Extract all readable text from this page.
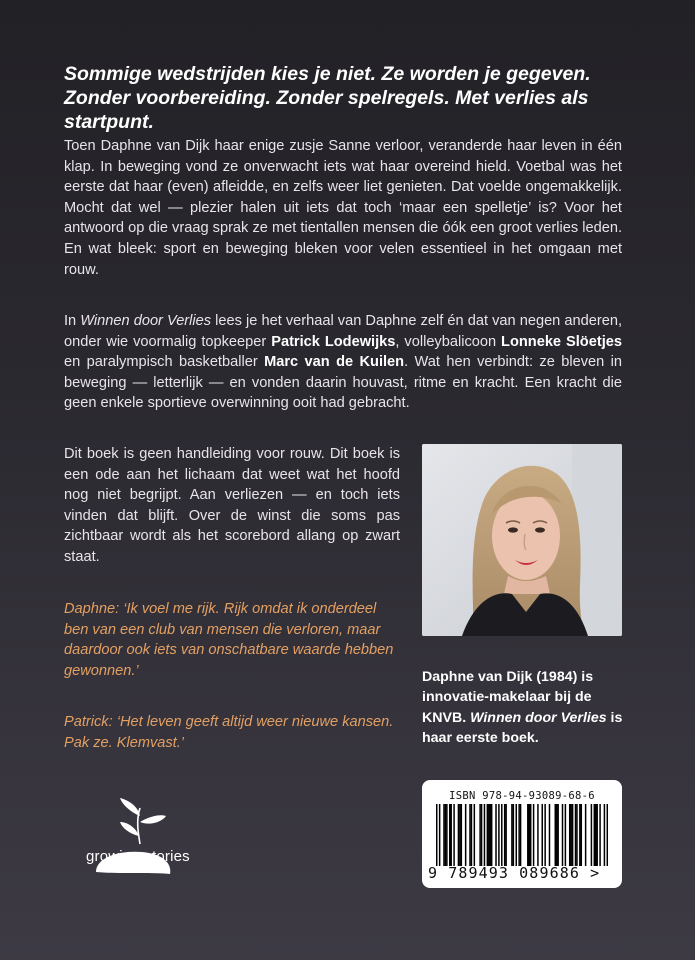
Sommige wedstrijden kies je niet. Ze worden je gegeven.
Zonder voorbereiding. Zonder spelregels. Met verlies als startpunt.

Toen Daphne van Dijk haar enige zusje Sanne verloor, veranderde haar leven in één klap. In beweging vond ze onverwacht iets wat haar overeind hield. Voetbal was het eerste dat haar (even) afleidde, en zelfs weer liet genieten. Dat voelde ongemakkelijk. Mocht dat wel — plezier halen uit iets dat toch ‘maar een spelletje’ is? Voor het antwoord op die vraag sprak ze met tientallen mensen die óók een groot verlies leden. En wat bleek: sport en beweging bleken voor velen essentieel in het omgaan met rouw.

In Winnen door Verlies lees je het verhaal van Daphne zelf én dat van negen anderen, onder wie voormalig topkeeper Patrick Lodewijks, volleybalicoon Lonneke Slöetjes en paralympisch basketballer Marc van de Kuilen. Wat hen verbindt: ze bleven in beweging — letterlijk — en vonden daarin houvast, ritme en kracht. Een kracht die geen enkele sportieve overwinning ooit had gebracht.

Dit boek is geen handleiding voor rouw. Dit boek is een ode aan het lichaam dat weet wat het hoofd nog niet begrijpt. Aan verliezen — en toch iets vinden dat blijft. Over de winst die soms pas zichtbaar wordt als het scorebord allang op zwart staat.

Daphne: ‘Ik voel me rijk. Rijk omdat ik onderdeel ben van een club van mensen die verloren, maar daardoor ook iets van onschatbare waarde hebben gewonnen.’

Patrick: ‘Het leven geeft altijd weer nieuwe kansen. Pak ze. Klemvast.’

Daphne van Dijk (1984) is innovatie-makelaar bij de KNVB. Winnen door Verlies is haar eerste boek.

ISBN 978-94-93089-68-6
9 789493 089686 >
growing stories
